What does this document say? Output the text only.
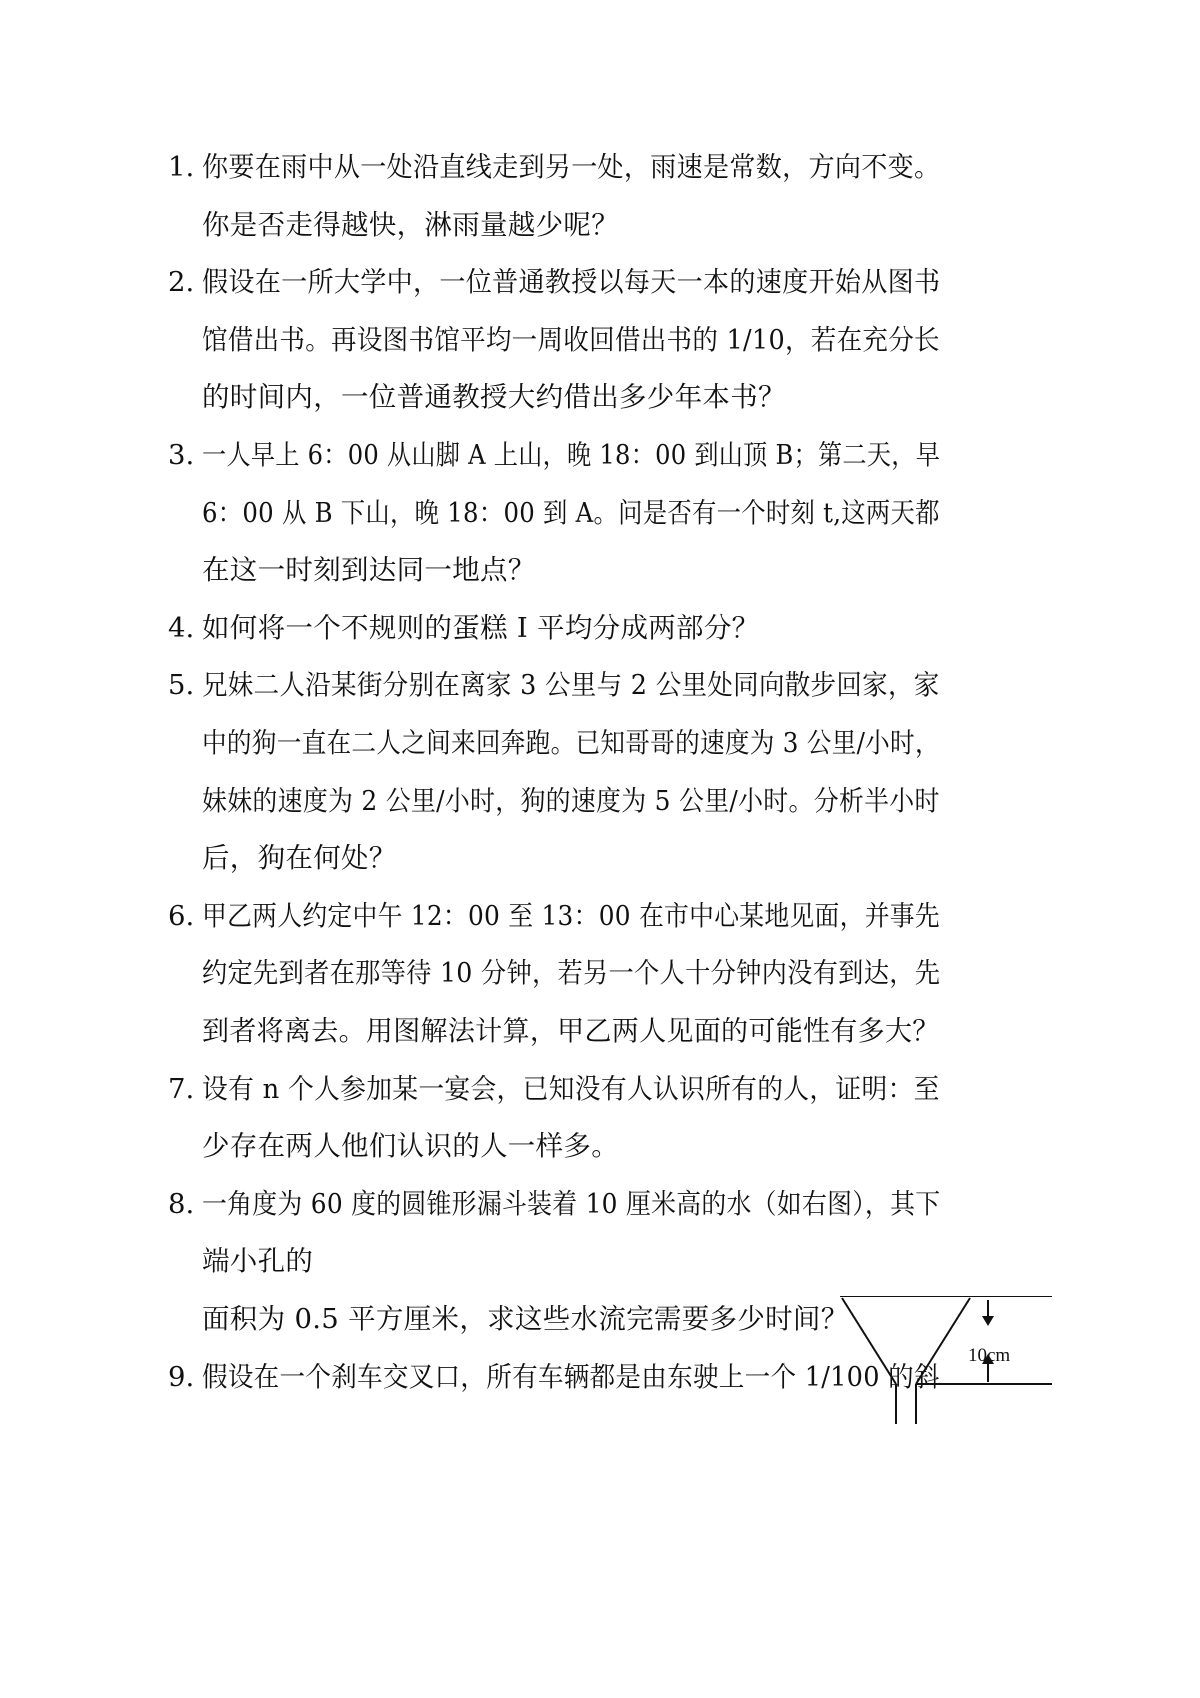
1. 你要在雨中从一处沿直线走到另一处，雨速是常数，方向不变。
你是否走得越快，淋雨量越少呢？
2. 假设在一所大学中，一位普通教授以每天一本的速度开始从图书
馆借出书。再设图书馆平均一周收回借出书的 1/10，若在充分长
的时间内，一位普通教授大约借出多少年本书？
3. 一人早上 6：00 从山脚 A 上山，晚 18：00 到山顶 B；第二天，早
6：00 从 B 下山，晚 18：00 到 A。问是否有一个时刻 t,这两天都
在这一时刻到达同一地点？
4. 如何将一个不规则的蛋糕 I 平均分成两部分？
5. 兄妹二人沿某街分别在离家 3 公里与 2 公里处同向散步回家，家
中的狗一直在二人之间来回奔跑。已知哥哥的速度为 3 公里/小时，
妹妹的速度为 2 公里/小时，狗的速度为 5 公里/小时。分析半小时
后，狗在何处？
6. 甲乙两人约定中午 12：00 至 13：00 在市中心某地见面，并事先
约定先到者在那等待 10 分钟，若另一个人十分钟内没有到达，先
到者将离去。用图解法计算，甲乙两人见面的可能性有多大？
7. 设有 n 个人参加某一宴会，已知没有人认识所有的人，证明：至
少存在两人他们认识的人一样多。
8. 一角度为 60 度的圆锥形漏斗装着 10 厘米高的水（如右图），其下
端小孔的
面积为 0.5 平方厘米，求这些水流完需要多少时间？
9. 假设在一个刹车交叉口，所有车辆都是由东驶上一个 1/100 的斜
10cm
